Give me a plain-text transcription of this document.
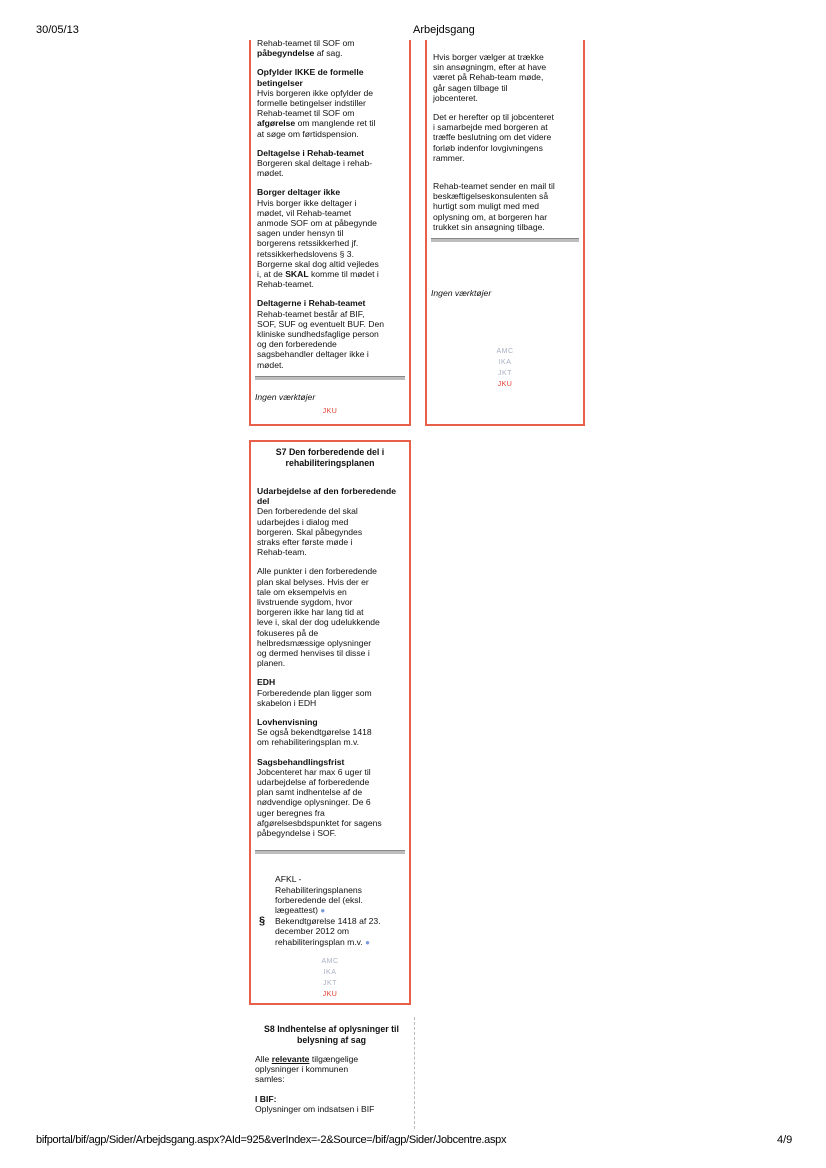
30/05/13	Arbejdsgang

Rehab-teamet til SOF om

påbegyndelse af sag.

Opfylder IKKE de formelle betingelser

Hvis borgeren ikke opfylder de

formelle betingelser indstiller

Rehab-teamet til SOF om

afgørelse om manglende ret til

at søge om førtidspension.

Deltagelse i Rehab-teamet

Borgeren skal deltage i rehab-

mødet.

Borger deltager ikke

Hvis borger ikke deltager i

mødet, vil Rehab-teamet

anmode SOF om at påbegynde

sagen under hensyn til

borgerens retssikkerhed jf.

retssikkerhedslovens § 3.

Borgerne skal dog altid vejledes

i, at de SKAL komme til mødet i

Rehab-teamet.

Deltagerne i Rehab-teamet

Rehab-teamet består af BIF,

SOF, SUF og eventuelt BUF. Den

kliniske sundhedsfaglige person

og den forberedende

sagsbehandler deltager ikke i

mødet.

Ingen værktøjer
JKU

Hvis borger vælger at trække

sin ansøgningm, efter at have

været på Rehab-team møde,

går sagen tilbage til

jobcenteret.

Det er herefter op til jobcenteret

i samarbejde med borgeren at

træffe beslutning om det videre

forløb indenfor lovgivningens

rammer.

Rehab-teamet sender en mail til

beskæftigelseskonsulenten så

hurtigt som muligt med med

oplysning om, at borgeren har

trukket sin ansøgning tilbage.

Ingen værktøjer
AMC
IKA
JKT
JKU

S7 Den forberedende del i rehabiliteringsplanen

Udarbejdelse af den forberedende del

Den forberedende del skal

udarbejdes i dialog med

borgeren. Skal påbegyndes

straks efter første møde i

Rehab-team.

Alle punkter i den forberedende

plan skal belyses. Hvis der er

tale om eksempelvis en

livstruende sygdom, hvor

borgeren ikke har lang tid at

leve i, skal der dog udelukkende

fokuseres på de

helbredsmæssige oplysninger

og dermed henvises til disse i

planen.

EDH

Forberedende plan ligger som

skabelon i EDH

Lovhenvisning

Se også bekendtgørelse 1418

om rehabiliteringsplan m.v.

Sagsbehandlingsfrist

Jobcenteret har max 6 uger til

udarbejdelse af forberedende

plan samt indhentelse af de

nødvendige oplysninger. De 6

uger beregnes fra

afgørelsesbdspunktet for sagens

påbegyndelse i SOF.

AFKL -

Rehabiliteringsplanens

forberedende del (eksl.

lægeattest) ●

§ Bekendtgørelse 1418 af 23.

december 2012 om

rehabiliteringsplan m.v. ●

AMC
IKA
JKT
JKU

S8 Indhentelse af oplysninger til belysning af sag

Alle relevante tilgængelige

oplysninger i kommunen

samles:

I BIF:

Oplysninger om indsatsen i BIF

bifportal/bif/agp/Sider/Arbejdsgang.aspx?AId=925&verIndex=-2&Source=/bif/agp/Sider/Jobcentre.aspx	4/9
